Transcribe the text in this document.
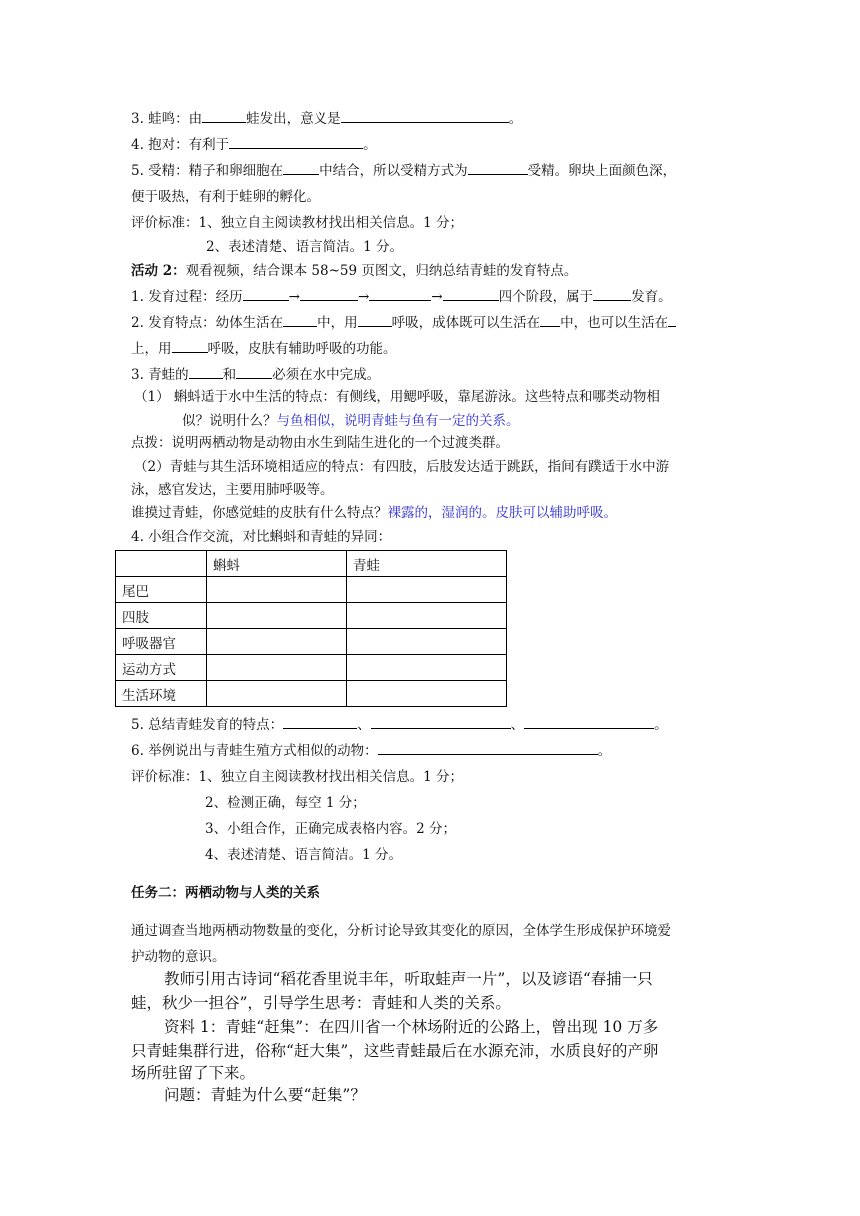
3. 蛙鸣：由	蛙发出，意义是	。
4. 抱对：有利于	。
5. 受精：精子和卵细胞在	中结合，所以受精方式为	受精。卵块上面颜色深，
便于吸热，有利于蛙卵的孵化。
评价标准：1、独立自主阅读教材找出相关信息。1 分；
2、表述清楚、语言简洁。1 分。
活动 2：观看视频，结合课本 58~59 页图文，归纳总结青蛙的发育特点。
1. 发育过程：经历	→	→	→	四个阶段，属于	发育。
2. 发育特点：幼体生活在	中，用	呼吸，成体既可以生活在 中，也可以生活在
上，用	呼吸，皮肤有辅助呼吸的功能。
3. 青蛙的	和	必须在水中完成。
（1） 蝌蚪适于水中生活的特点：有侧线，用鳃呼吸，靠尾游泳。这些特点和哪类动物相
似？说明什么？与鱼相似，说明青蛙与鱼有一定的关系。
点拨：说明两栖动物是动物由水生到陆生进化的一个过渡类群。
（2）青蛙与其生活环境相适应的特点：有四肢，后肢发达适于跳跃，指间有蹼适于水中游
泳，感官发达，主要用肺呼吸等。
谁摸过青蛙，你感觉蛙的皮肤有什么特点？裸露的，湿润的。皮肤可以辅助呼吸。
4. 小组合作交流，对比蝌蚪和青蛙的异同：
	蝌蚪	青蛙
尾巴		
四肢		
呼吸器官		
运动方式		
生活环境		
5. 总结青蛙发育的特点：	、	、	。
6. 举例说出与青蛙生殖方式相似的动物：	。
评价标准：1、独立自主阅读教材找出相关信息。1 分；
2、检测正确，每空 1 分；
3、小组合作，正确完成表格内容。2 分；
4、表述清楚、语言简洁。1 分。
任务二：两栖动物与人类的关系
通过调查当地两栖动物数量的变化，分析讨论导致其变化的原因，全体学生形成保护环境爱
护动物的意识。
教师引用古诗词“稻花香里说丰年，听取蛙声一片”，以及谚语“春捕一只
蛙，秋少一担谷”，引导学生思考：青蛙和人类的关系。
资料 1：青蛙“赶集”：在四川省一个林场附近的公路上，曾出现 10 万多
只青蛙集群行进，俗称“赶大集”，这些青蛙最后在水源充沛，水质良好的产卵
场所驻留了下来。
问题：青蛙为什么要“赶集”？
